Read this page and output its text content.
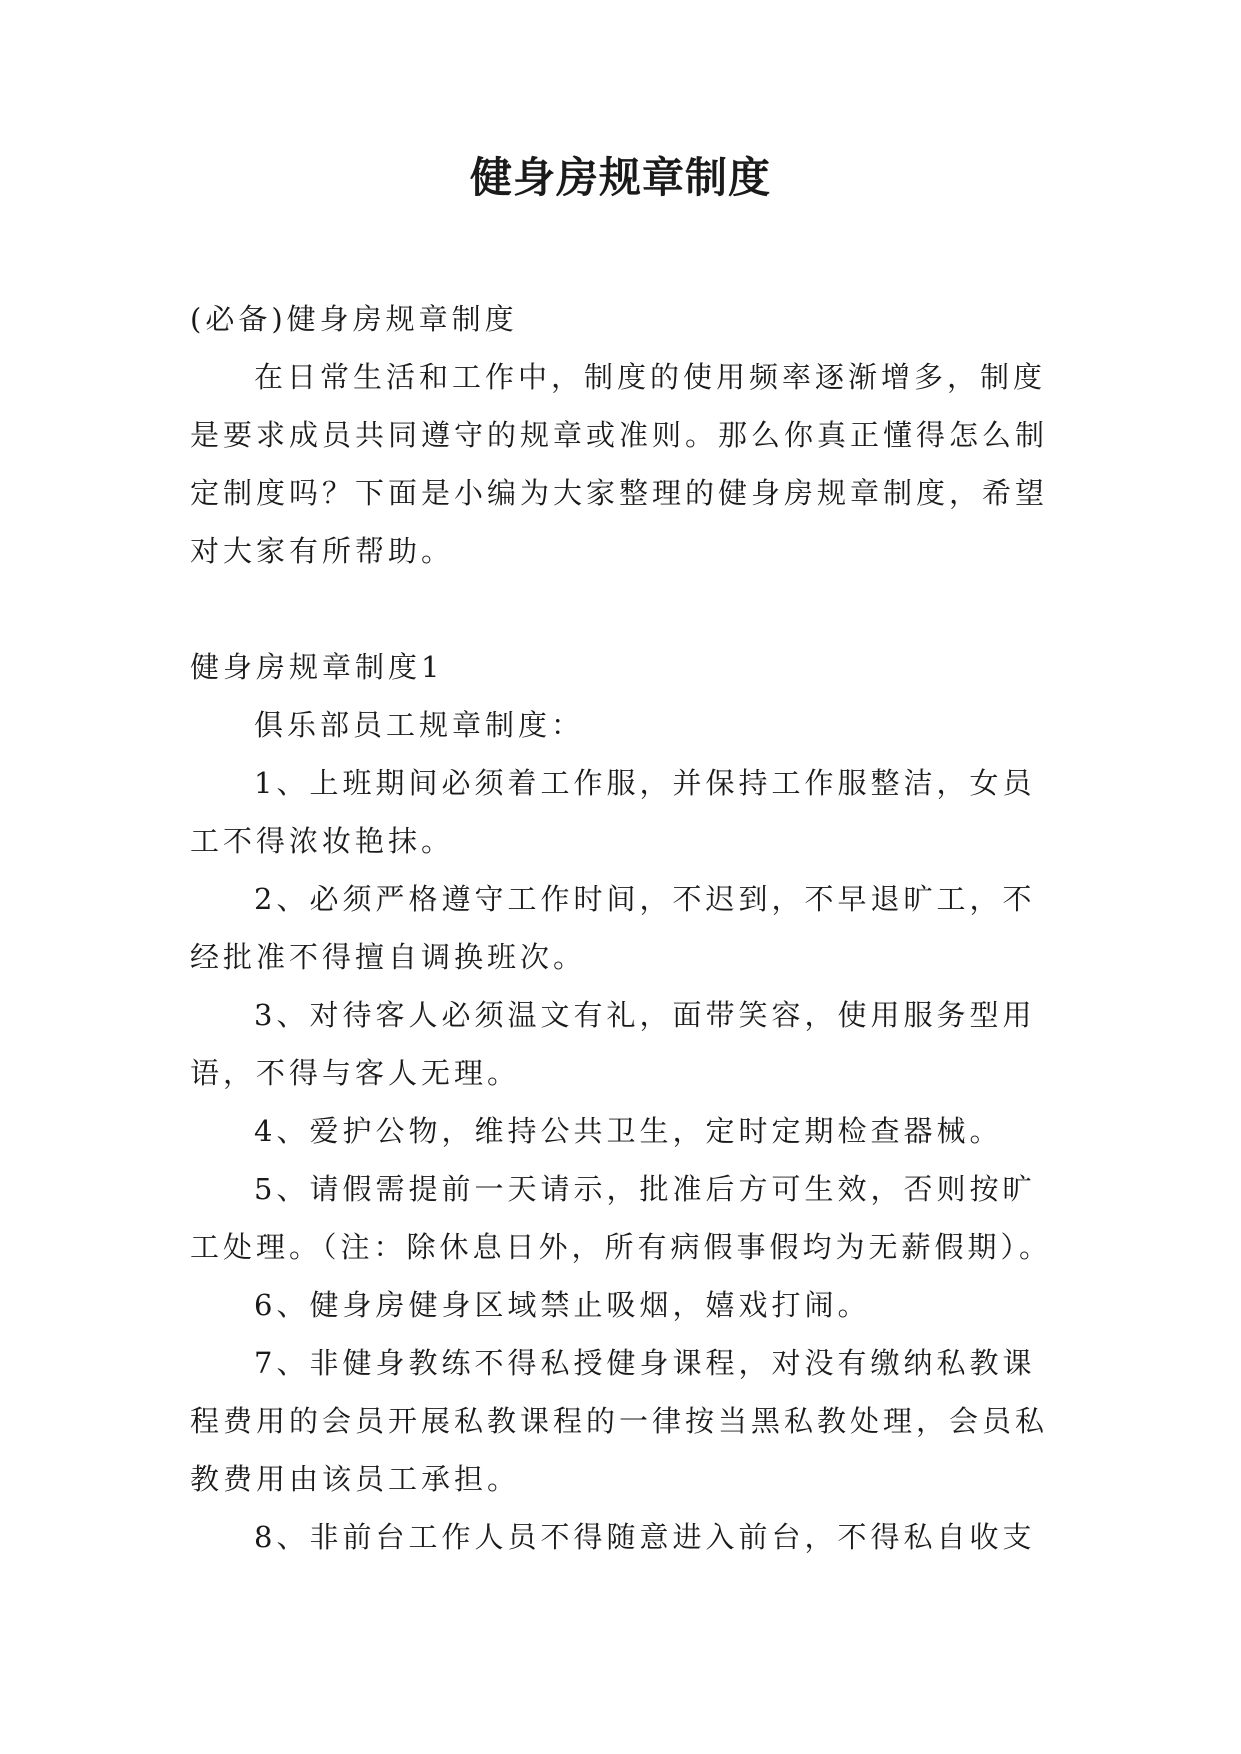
健身房规章制度

(必备)健身房规章制度

在日常生活和工作中，制度的使用频率逐渐增多，制度是要求成员共同遵守的规章或准则。那么你真正懂得怎么制定制度吗？下面是小编为大家整理的健身房规章制度，希望对大家有所帮助。

健身房规章制度1

俱乐部员工规章制度：

1、上班期间必须着工作服，并保持工作服整洁，女员工不得浓妆艳抹。

2、必须严格遵守工作时间，不迟到，不早退旷工，不经批准不得擅自调换班次。

3、对待客人必须温文有礼，面带笑容，使用服务型用语，不得与客人无理。

4、爱护公物，维持公共卫生，定时定期检查器械。

5、请假需提前一天请示，批准后方可生效，否则按旷工处理。（注：除休息日外，所有病假事假均为无薪假期）。

6、健身房健身区域禁止吸烟，嬉戏打闹。

7、非健身教练不得私授健身课程，对没有缴纳私教课程费用的会员开展私教课程的一律按当黑私教处理，会员私教费用由该员工承担。

8、非前台工作人员不得随意进入前台，不得私自收支
